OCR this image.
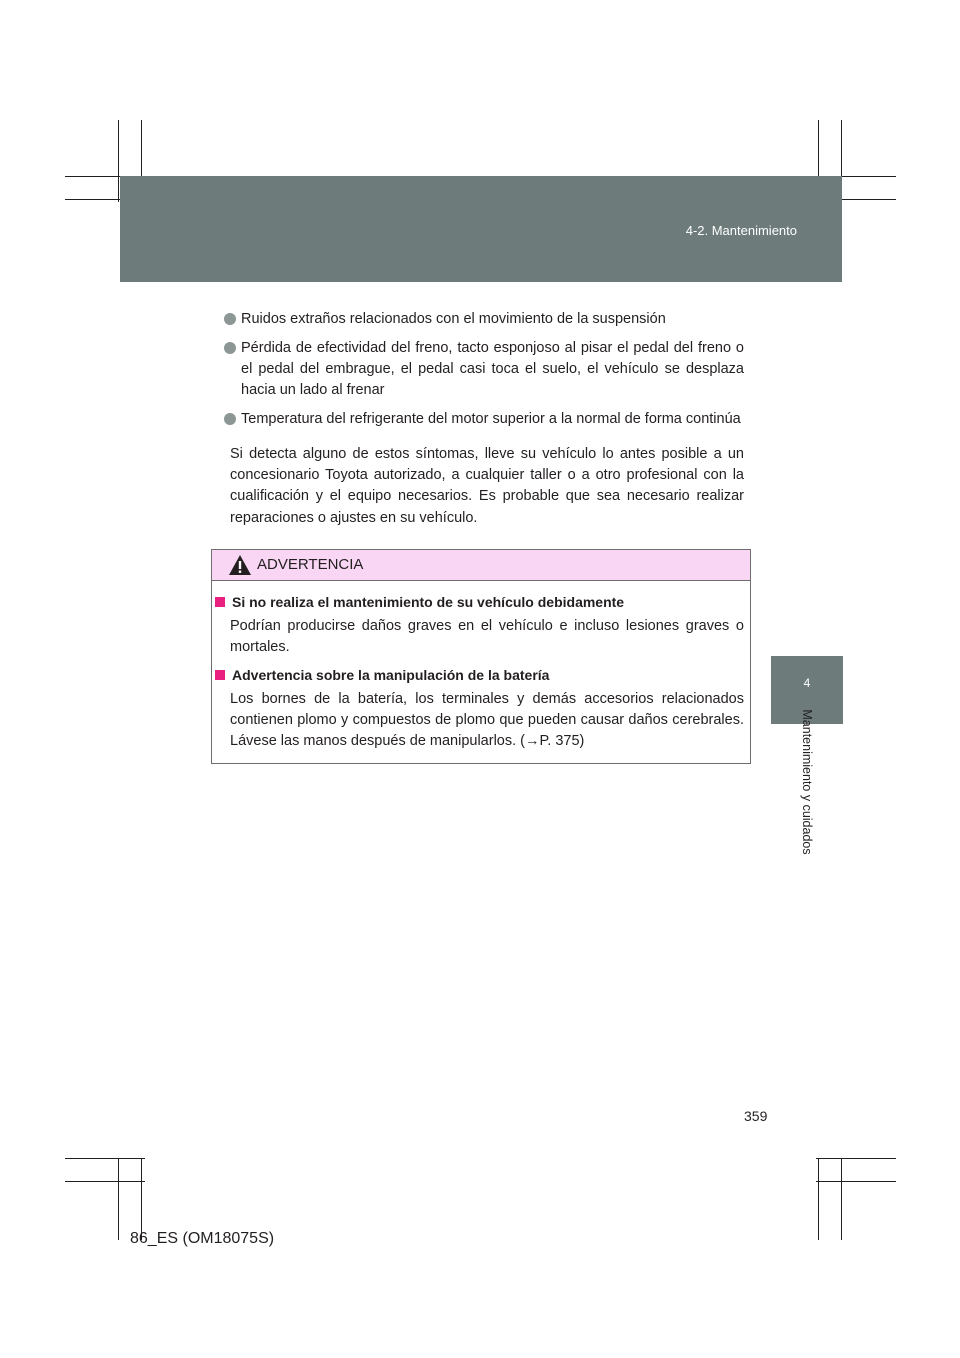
4-2. Mantenimiento
4
Mantenimiento y cuidados
Ruidos extraños relacionados con el movimiento de la suspensión
Pérdida de efectividad del freno, tacto esponjoso al pisar el pedal del freno o el pedal del embrague, el pedal casi toca el suelo, el vehículo se desplaza hacia un lado al frenar
Temperatura del refrigerante del motor superior a la normal de forma continúa
Si detecta alguno de estos síntomas, lleve su vehículo lo antes posible a un concesionario Toyota autorizado, a cualquier taller o a otro profesional con la cualificación y el equipo necesarios. Es probable que sea necesario realizar reparaciones o ajustes en su vehículo.
ADVERTENCIA
Si no realiza el mantenimiento de su vehículo debidamente
Podrían producirse daños graves en el vehículo e incluso lesiones graves o mortales.
Advertencia sobre la manipulación de la batería
Los bornes de la batería, los terminales y demás accesorios relacionados contienen plomo y compuestos de plomo que pueden causar daños cerebrales. Lávese las manos después de manipularlos. (→P. 375)
359
86_ES (OM18075S)
